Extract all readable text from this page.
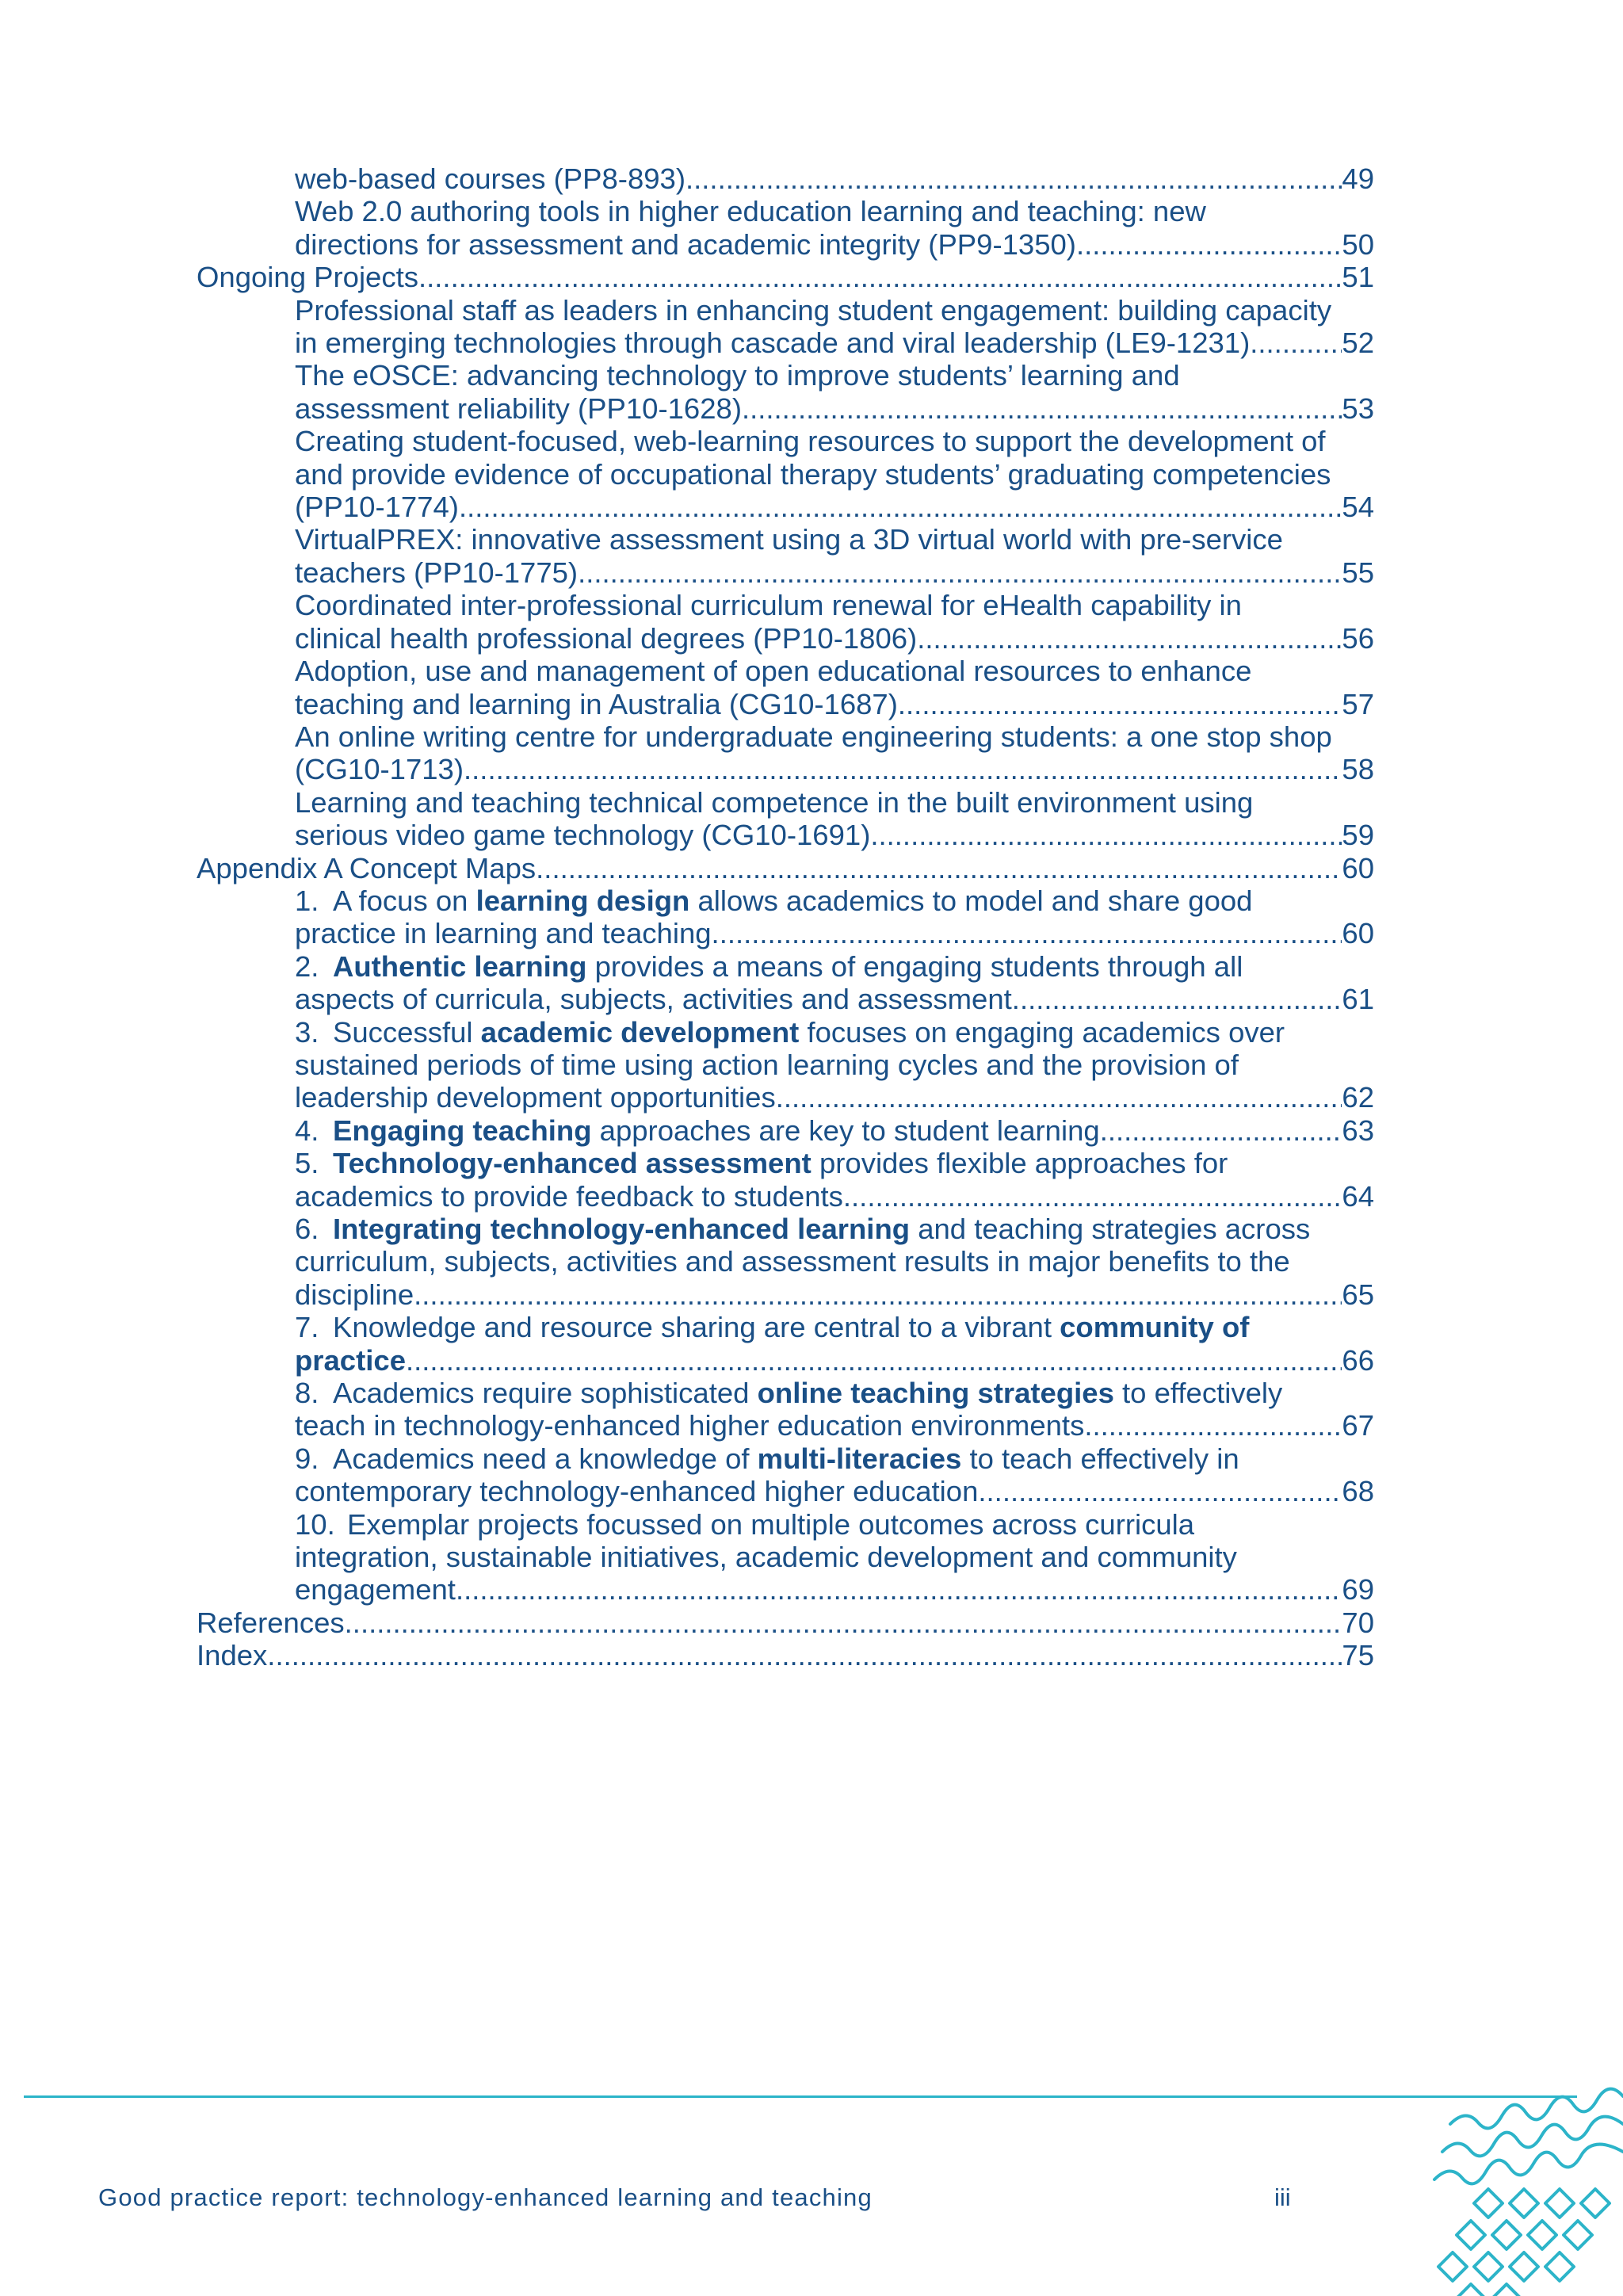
web-based courses (PP8-893) .....	49
Web 2.0 authoring tools in higher education learning and teaching: new
directions for assessment and academic integrity (PP9-1350) .....	50
Ongoing Projects .....	51
Professional staff as leaders in enhancing student engagement: building capacity
in emerging technologies through cascade and viral leadership (LE9-1231) .....	52
The eOSCE: advancing technology to improve students’ learning and
assessment reliability (PP10-1628) .....	53
Creating student-focused, web-learning resources to support the development of
and provide evidence of occupational therapy students’ graduating competencies
(PP10-1774) .....	54
VirtualPREX: innovative assessment using a 3D virtual world with pre-service
teachers (PP10-1775) .....	55
Coordinated inter-professional curriculum renewal for eHealth capability in
clinical health professional degrees (PP10-1806) .....	56
Adoption, use and management of open educational resources to enhance
teaching and learning in Australia (CG10-1687) .....	57
An online writing centre for undergraduate engineering students: a one stop shop
(CG10-1713) .....	58
Learning and teaching technical competence in the built environment using
serious video game technology (CG10-1691) .....	59
Appendix A Concept Maps .....	60
1. A focus on learning design allows academics to model and share good
practice in learning and teaching .....	60
2. Authentic learning provides a means of engaging students through all
aspects of curricula, subjects, activities and assessment .....	61
3. Successful academic development focuses on engaging academics over
sustained periods of time using action learning cycles and the provision of
leadership development opportunities .....	62
4. Engaging teaching approaches are key to student learning .....	63
5. Technology-enhanced assessment provides flexible approaches for
academics to provide feedback to students .....	64
6. Integrating technology-enhanced learning and teaching strategies across
curriculum, subjects, activities and assessment results in major benefits to the
discipline .....	65
7. Knowledge and resource sharing are central to a vibrant community of
practice .....	66
8. Academics require sophisticated online teaching strategies to effectively
teach in technology-enhanced higher education environments .....	67
9. Academics need a knowledge of multi-literacies to teach effectively in
contemporary technology-enhanced higher education .....	68
10. Exemplar projects focussed on multiple outcomes across curricula
integration, sustainable initiatives, academic development and community
engagement .....	69
References .....	70
Index .....	75
Good practice report: technology-enhanced learning and teaching	iii
